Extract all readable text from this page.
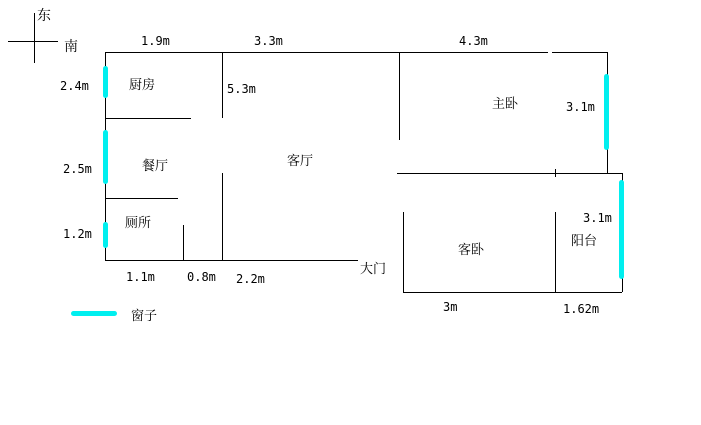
东
南
窗子
厨房
餐厅
厕所
客厅
主卧
客卧
阳台
大门
1.9m	3.3m	4.3m
2.4m
2.5m
1.2m
5.3m
3.1m
3.1m
1.1m	0.8m 2.2m
3m	1.62m
